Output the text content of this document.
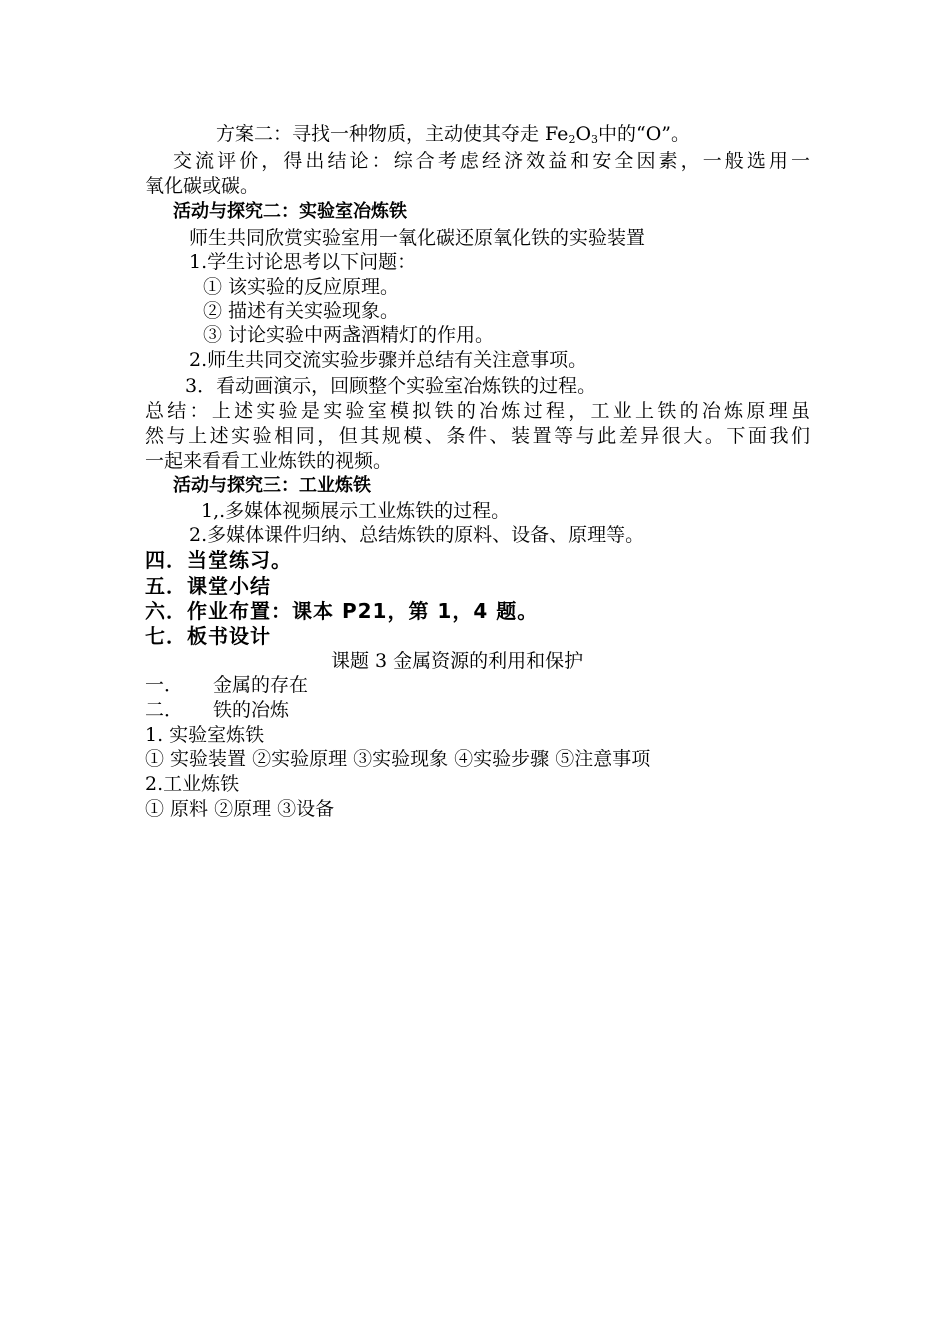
方案二：寻找一种物质，主动使其夺走 $Fe_2O_3$中的“O”。
交流评价，得出结论：综合考虑经济效益和安全因素，一般选用一
氧化碳或碳。
活动与探究二：实验室冶炼铁
师生共同欣赏实验室用一氧化碳还原氧化铁的实验装置
1.学生讨论思考以下问题：
① 该实验的反应原理。
② 描述有关实验现象。
③ 讨论实验中两盏酒精灯的作用。
2.师生共同交流实验步骤并总结有关注意事项。
3．看动画演示，回顾整个实验室冶炼铁的过程。
总结：上述实验是实验室模拟铁的冶炼过程，工业上铁的冶炼原理虽
然与上述实验相同，但其规模、条件、装置等与此差异很大。下面我们
一起来看看工业炼铁的视频。
活动与探究三：工业炼铁
1,.多媒体视频展示工业炼铁的过程。
2.多媒体课件归纳、总结炼铁的原料、设备、原理等。
四．当堂练习。
五．课堂小结
六．作业布置：课本 P21，第 1，4 题。
七．板书设计
课题 3 金属资源的利用和保护
一． 金属的存在
二． 铁的冶炼
1. 实验室炼铁
① 实验装置 ②实验原理 ③实验现象 ④实验步骤 ⑤注意事项
2.工业炼铁
① 原料 ②原理 ③设备
